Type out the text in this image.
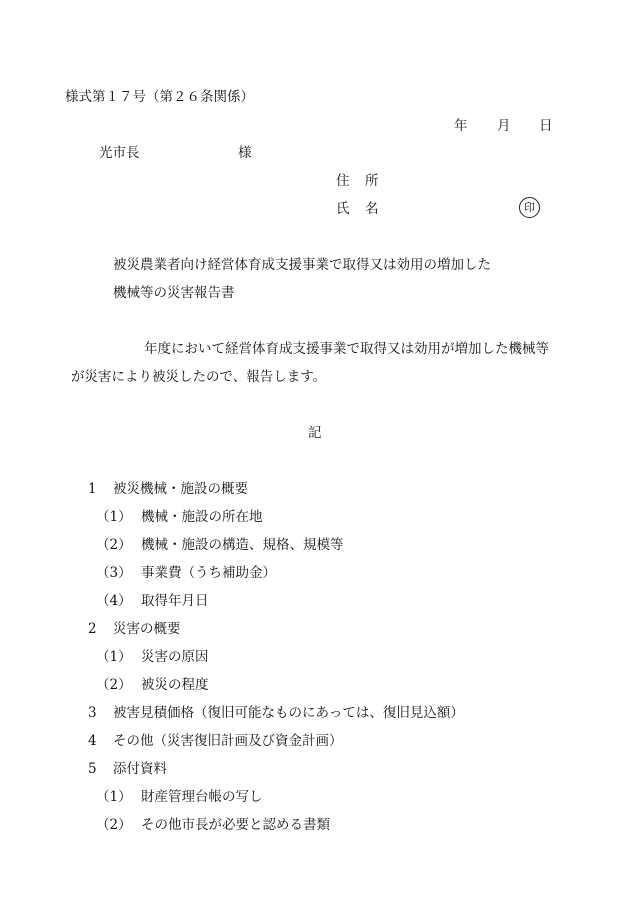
様式第１７号（第２６条関係）
年 月 日
光市長	様
住 所
氏 名	印
被災農業者向け経営体育成支援事業で取得又は効用の増加した
機械等の災害報告書
年度において経営体育成支援事業で取得又は効用が増加した機械等
が災害により被災したので、報告します。
記
1 被災機械・施設の概要
（1） 機械・施設の所在地
（2） 機械・施設の構造、規格、規模等
（3） 事業費（うち補助金）
（4） 取得年月日
2 災害の概要
（1） 災害の原因
（2） 被災の程度
3 被害見積価格（復旧可能なものにあっては、復旧見込額）
4 その他（災害復旧計画及び資金計画）
5 添付資料
（1） 財産管理台帳の写し
（2） その他市長が必要と認める書類
